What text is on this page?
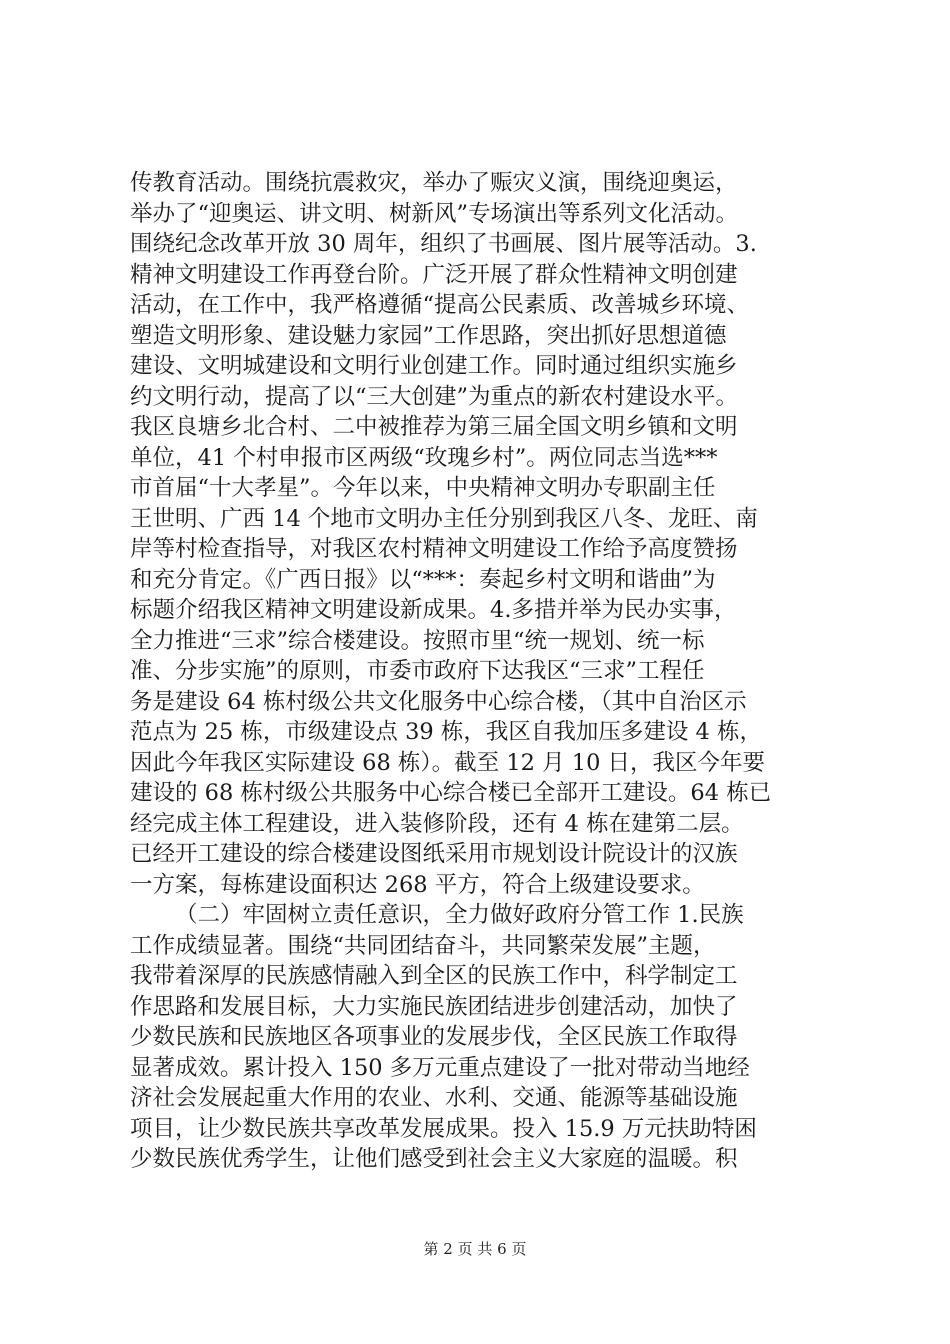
传教育活动。围绕抗震救灾，举办了赈灾义演，围绕迎奥运，
举办了“迎奥运、讲文明、树新风”专场演出等系列文化活动。
围绕纪念改革开放 30 周年，组织了书画展、图片展等活动。3.
精神文明建设工作再登台阶。广泛开展了群众性精神文明创建
活动，在工作中，我严格遵循“提高公民素质、改善城乡环境、
塑造文明形象、建设魅力家园”工作思路，突出抓好思想道德
建设、文明城建设和文明行业创建工作。同时通过组织实施乡
约文明行动，提高了以“三大创建”为重点的新农村建设水平。
我区良塘乡北合村、二中被推荐为第三届全国文明乡镇和文明
单位，41 个村申报市区两级“玫瑰乡村”。两位同志当选***
市首届“十大孝星”。今年以来，中央精神文明办专职副主任
王世明、广西 14 个地市文明办主任分别到我区八冬、龙旺、南
岸等村检查指导，对我区农村精神文明建设工作给予高度赞扬
和充分肯定。《广西日报》以“***：奏起乡村文明和谐曲”为
标题介绍我区精神文明建设新成果。4.多措并举为民办实事，
全力推进“三求”综合楼建设。按照市里“统一规划、统一标
准、分步实施”的原则，市委市政府下达我区“三求”工程任
务是建设 64 栋村级公共文化服务中心综合楼，（其中自治区示
范点为 25 栋，市级建设点 39 栋，我区自我加压多建设 4 栋，
因此今年我区实际建设 68 栋）。截至 12 月 10 日，我区今年要
建设的 68 栋村级公共服务中心综合楼已全部开工建设。64 栋已
经完成主体工程建设，进入装修阶段，还有 4 栋在建第二层。
已经开工建设的综合楼建设图纸采用市规划设计院设计的汉族
一方案，每栋建设面积达 268 平方，符合上级建设要求。
（二）牢固树立责任意识，全力做好政府分管工作 1.民族
工作成绩显著。围绕“共同团结奋斗，共同繁荣发展”主题，
我带着深厚的民族感情融入到全区的民族工作中，科学制定工
作思路和发展目标，大力实施民族团结进步创建活动，加快了
少数民族和民族地区各项事业的发展步伐，全区民族工作取得
显著成效。累计投入 150 多万元重点建设了一批对带动当地经
济社会发展起重大作用的农业、水利、交通、能源等基础设施
项目，让少数民族共享改革发展成果。投入 15.9 万元扶助特困
少数民族优秀学生，让他们感受到社会主义大家庭的温暖。积
第 2 页 共 6 页
